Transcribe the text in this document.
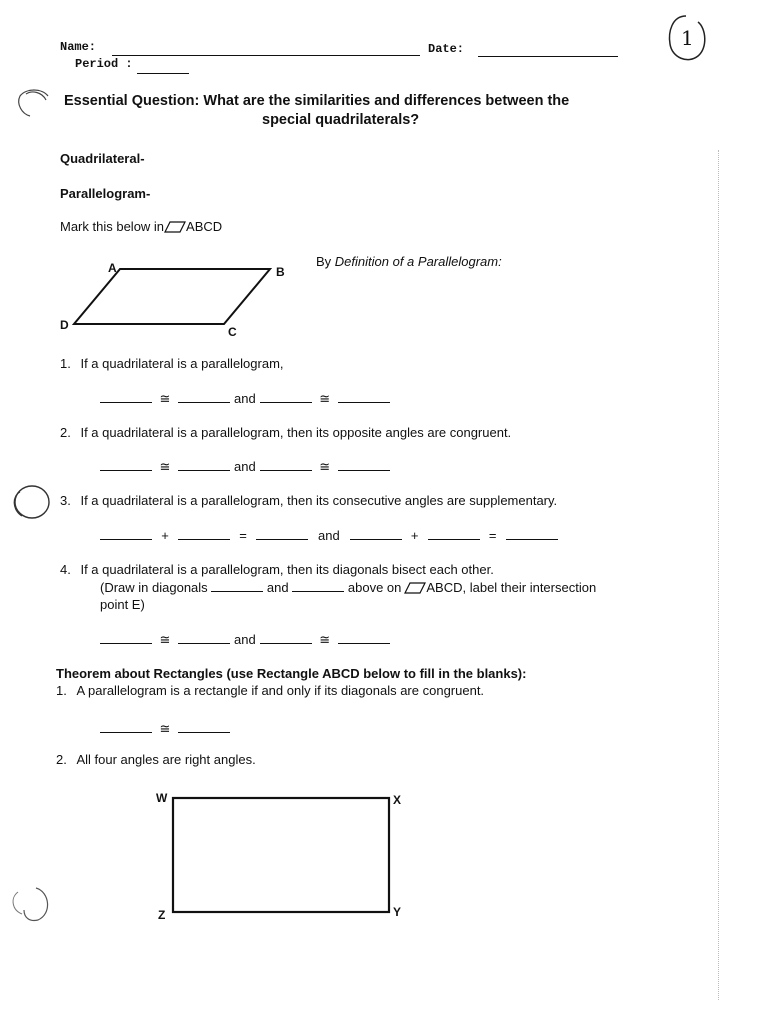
Name:	Date:
Period :
1
Essential Question: What are the similarities and differences between the
special quadrilaterals?
Quadrilateral-
Parallelogram-
Mark this below in ABCD
A	B
C
D
By Definition of a Parallelogram:
1. If a quadrilateral is a parallelogram,
≅	and	≅
2. If a quadrilateral is a parallelogram, then its opposite angles are congruent.
≅	and	≅
3. If a quadrilateral is a parallelogram, then its consecutive angles are supplementary.
+	=	and	+	=
4. If a quadrilateral is a parallelogram, then its diagonals bisect each other.
(Draw in diagonals	and	above on ABCD, label their intersection
point E)
≅	and	≅
Theorem about Rectangles (use Rectangle ABCD below to fill in the blanks):
1. A parallelogram is a rectangle if and only if its diagonals are congruent.
≅
2. All four angles are right angles.
W	X
Y
Z
